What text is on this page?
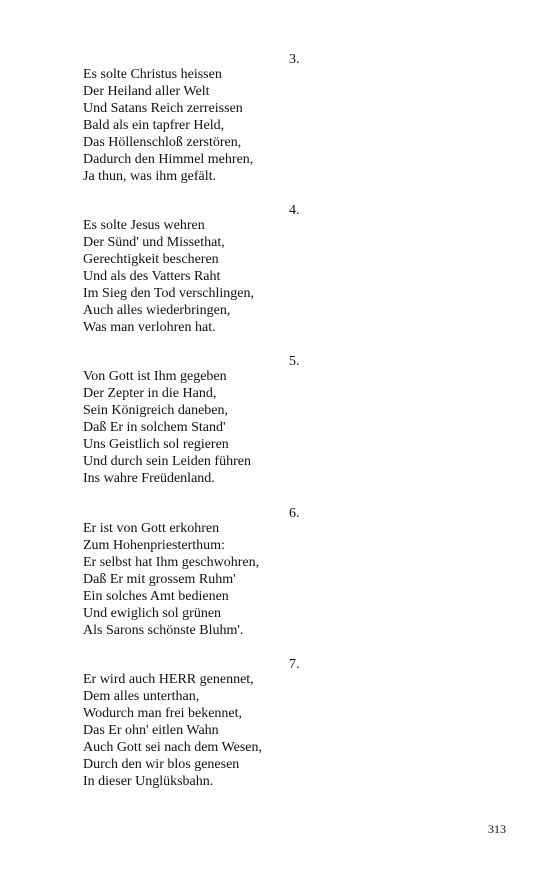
3.
Es solte Christus heissen
Der Heiland aller Welt
Und Satans Reich zerreissen
Bald als ein tapfrer Held,
Das Höllenschloß zerstören,
Dadurch den Himmel mehren,
Ja thun, was ihm gefält.
4.
Es solte Jesus wehren
Der Sünd' und Missethat,
Gerechtigkeit bescheren
Und als des Vatters Raht
Im Sieg den Tod verschlingen,
Auch alles wiederbringen,
Was man verlohren hat.
5.
Von Gott ist Ihm gegeben
Der Zepter in die Hand,
Sein Königreich daneben,
Daß Er in solchem Stand'
Uns Geistlich sol regieren
Und durch sein Leiden führen
Ins wahre Freüdenland.
6.
Er ist von Gott erkohren
Zum Hohenpriesterthum:
Er selbst hat Ihm geschwohren,
Daß Er mit grossem Ruhm'
Ein solches Amt bedienen
Und ewiglich sol grünen
Als Sarons schönste Bluhm'.
7.
Er wird auch HERR genennet,
Dem alles unterthan,
Wodurch man frei bekennet,
Das Er ohn' eitlen Wahn
Auch Gott sei nach dem Wesen,
Durch den wir blos genesen
In dieser Unglüksbahn.
313
